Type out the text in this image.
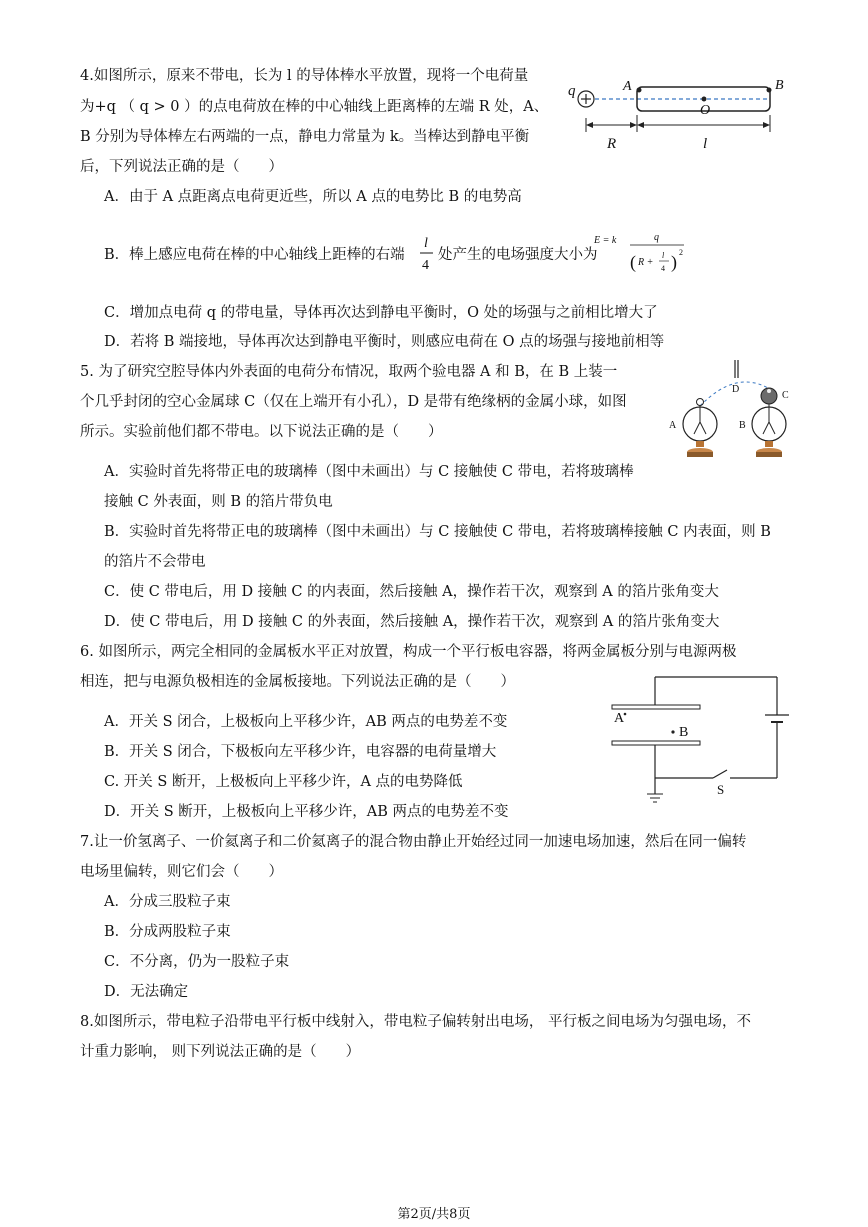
4.如图所示，原来不带电，长为 l 的导体棒水平放置，现将一个电荷量
为+q （ q > 0 ）的点电荷放在棒的中心轴线上距离棒的左端 R 处，A、
B 分别为导体棒左右两端的一点，静电力常量为 k。当棒达到静电平衡
后，下列说法正确的是（　　）
q	A	B
O
R	l
A．由于 A 点距离点电荷更近些，所以 A 点的电势比 B 的电势高
B．棒上感应电荷在棒的中心轴线上距棒的右端
l
4
处产生的电场强度大小为
E = k	q
( R +
l
4 ) 2
C．增加点电荷 q 的带电量，导体再次达到静电平衡时，O 处的场强与之前相比增大了
D．若将 B 端接地，导体再次达到静电平衡时，则感应电荷在 O 点的场强与接地前相等
5. 为了研究空腔导体内外表面的电荷分布情况，取两个验电器 A 和 B，在 B 上装一
个几乎封闭的空心金属球 C（仅在上端开有小孔），D 是带有绝缘柄的金属小球，如图
所示。实验前他们都不带电。以下说法正确的是（　　）
D
A	B
C
A．实验时首先将带正电的玻璃棒（图中未画出）与 C 接触使 C 带电，若将玻璃棒
接触 C 外表面，则 B 的箔片带负电
B．实验时首先将带正电的玻璃棒（图中未画出）与 C 接触使 C 带电，若将玻璃棒接触 C 内表面，则 B
的箔片不会带电
C．使 C 带电后，用 D 接触 C 的内表面，然后接触 A，操作若干次，观察到 A 的箔片张角变大
D．使 C 带电后，用 D 接触 C 的外表面，然后接触 A，操作若干次，观察到 A 的箔片张角变大
6. 如图所示，两完全相同的金属板水平正对放置，构成一个平行板电容器，将两金属板分别与电源两极
相连，把与电源负极相连的金属板接地。下列说法正确的是（　　）
A
B
S
A．开关 S 闭合，上极板向上平移少许，AB 两点的电势差不变
B．开关 S 闭合，下极板向左平移少许，电容器的电荷量增大
C. 开关 S 断开，上极板向上平移少许，A 点的电势降低
D．开关 S 断开，上极板向上平移少许，AB 两点的电势差不变
7.让一价氢离子、一价氦离子和二价氦离子的混合物由静止开始经过同一加速电场加速，然后在同一偏转
电场里偏转，则它们会（　　）
A．分成三股粒子束
B．分成两股粒子束
C．不分离，仍为一股粒子束
D．无法确定
8.如图所示，带电粒子沿带电平行板中线射入，带电粒子偏转射出电场， 平行板之间电场为匀强电场，不
计重力影响， 则下列说法正确的是（　　）
第2页/共8页
